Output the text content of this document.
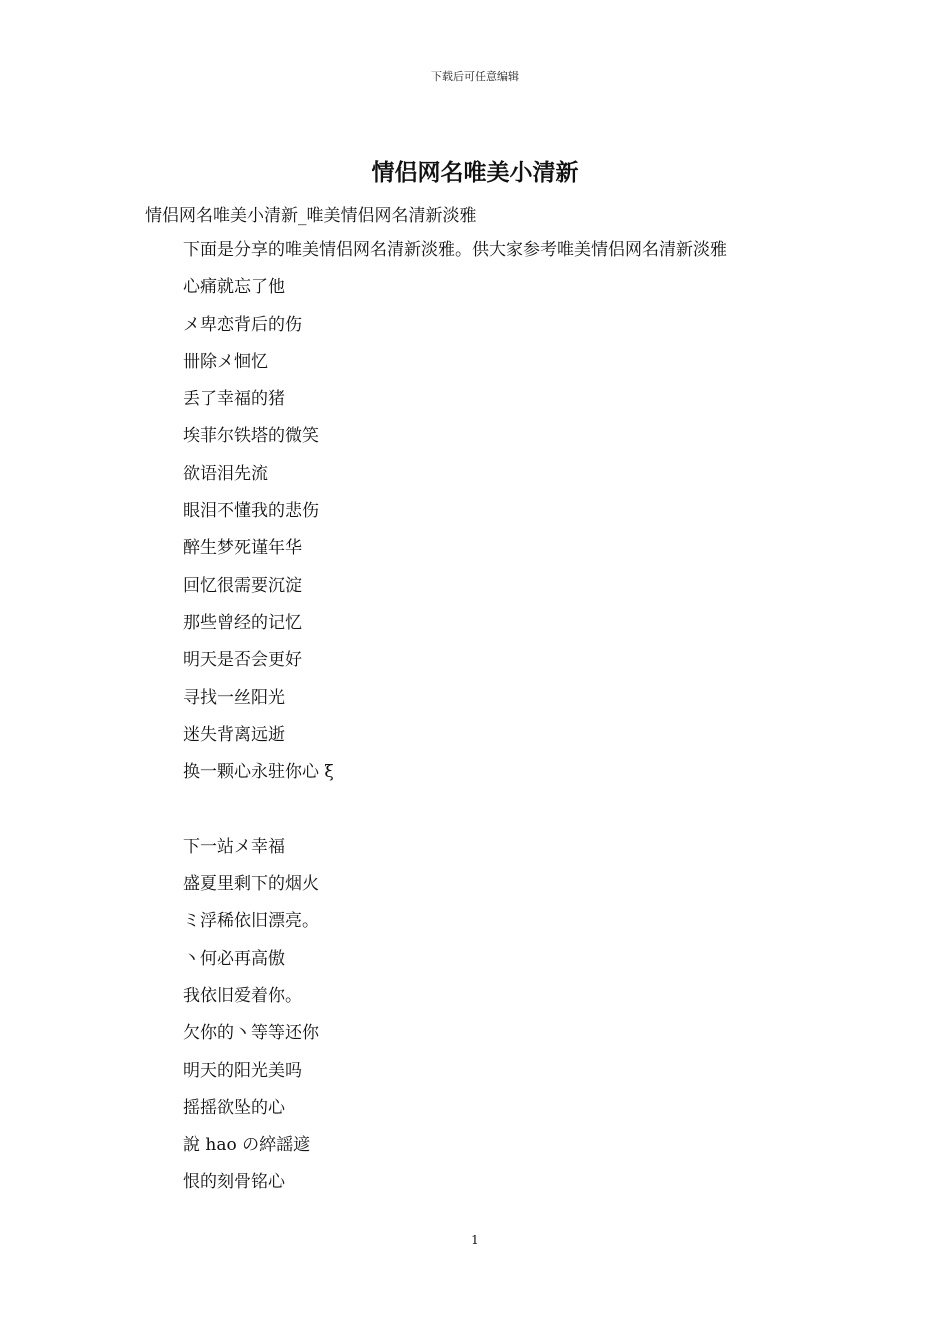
下载后可任意编辑
情侣网名唯美小清新
情侣网名唯美小清新_唯美情侣网名清新淡雅
下面是分享的唯美情侣网名清新淡雅。供大家参考唯美情侣网名清新淡雅
心痛就忘了他
メ卑恋背后的伤
卌除メ恛忆
丢了幸福的猪
埃菲尔铁塔的微笑
欲语泪先流
眼泪不懂我的悲伤
醉生梦死谨年华
回忆很需要沉淀
那些曾经的记忆
明天是否会更好
寻找一丝阳光
迷失背离远逝
换一颗心永驻你心 ξ
下一站メ幸福
盛夏里剩下的烟火
ミ浮稀依旧漂亮。
丶何必再高傲
我依旧爱着你。
欠你的丶等等还你
明天的阳光美吗
摇摇欲坠的心
說 hao の綷謡遃
恨的刻骨铭心
1
